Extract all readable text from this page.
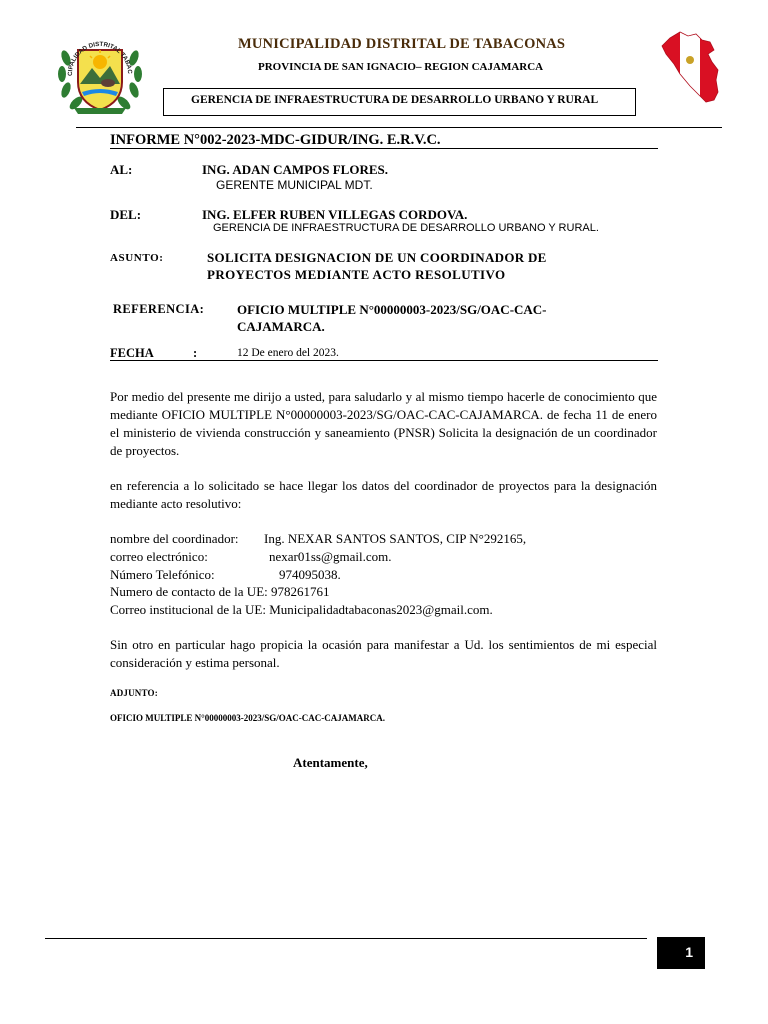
CIPALIDAD DISTRITAL TABAC
MUNICIPALIDAD DISTRITAL DE TABACONAS
PROVINCIA DE SAN IGNACIO– REGION CAJAMARCA
GERENCIA DE INFRAESTRUCTURA DE DESARROLLO URBANO Y RURAL
INFORME N°002-2023-MDC-GIDUR/ING. E.R.V.C.
AL:	ING. ADAN CAMPOS FLORES.
GERENTE MUNICIPAL MDT.
DEL:	ING. ELFER RUBEN VILLEGAS CORDOVA.
GERENCIA DE INFRAESTRUCTURA DE DESARROLLO URBANO Y RURAL.
ASUNTO:	SOLICITA DESIGNACION DE UN COORDINADOR DE
PROYECTOS MEDIANTE ACTO RESOLUTIVO
REFERENCIA:	OFICIO MULTIPLE N°00000003-2023/SG/OAC-CAC-
CAJAMARCA.
FECHA	:	12 De enero del 2023.
Por medio del presente me dirijo a usted, para saludarlo y al mismo tiempo hacerle de conocimiento que mediante OFICIO MULTIPLE N°00000003-2023/SG/OAC-CAC-CAJAMARCA. de fecha 11 de enero el ministerio de vivienda construcción y saneamiento (PNSR) Solicita la designación de un coordinador de proyectos.
en referencia a lo solicitado se hace llegar los datos del coordinador de proyectos para la designación mediante acto resolutivo:
nombre del coordinador: Ing. NEXAR SANTOS SANTOS, CIP N°292165,
correo electrónico:	nexar01ss@gmail.com.
Número Telefónico:	974095038.
Numero de contacto de la UE: 978261761
Correo institucional de la UE: Municipalidadtabaconas2023@gmail.com.
Sin otro en particular hago propicia la ocasión para manifestar a Ud. los sentimientos de mi especial consideración y estima personal.
ADJUNTO:
OFICIO MULTIPLE N°00000003-2023/SG/OAC-CAC-CAJAMARCA.
Atentamente,
1
